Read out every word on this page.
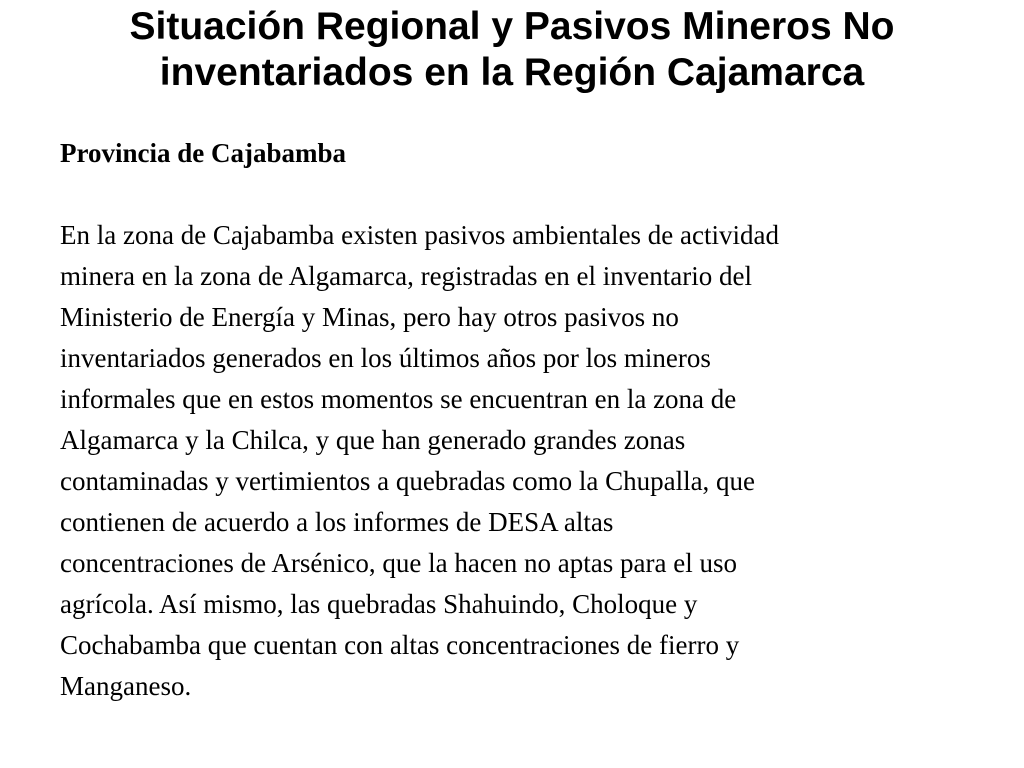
Situación Regional y Pasivos Mineros No
inventariados en la Región Cajamarca

Provincia de Cajabamba

En la zona de Cajabamba existen pasivos ambientales de actividad
minera en la zona de Algamarca, registradas en el inventario del
Ministerio de Energía y Minas, pero hay otros pasivos no
inventariados generados en los últimos años por los mineros
informales que en estos momentos se encuentran en la zona de
Algamarca y la Chilca, y que han generado grandes zonas
contaminadas y vertimientos a quebradas como la Chupalla, que
contienen de acuerdo a los informes de DESA altas
concentraciones de Arsénico, que la hacen no aptas para el uso
agrícola. Así mismo, las quebradas Shahuindo, Choloque y
Cochabamba que cuentan con altas concentraciones de fierro y
Manganeso.
